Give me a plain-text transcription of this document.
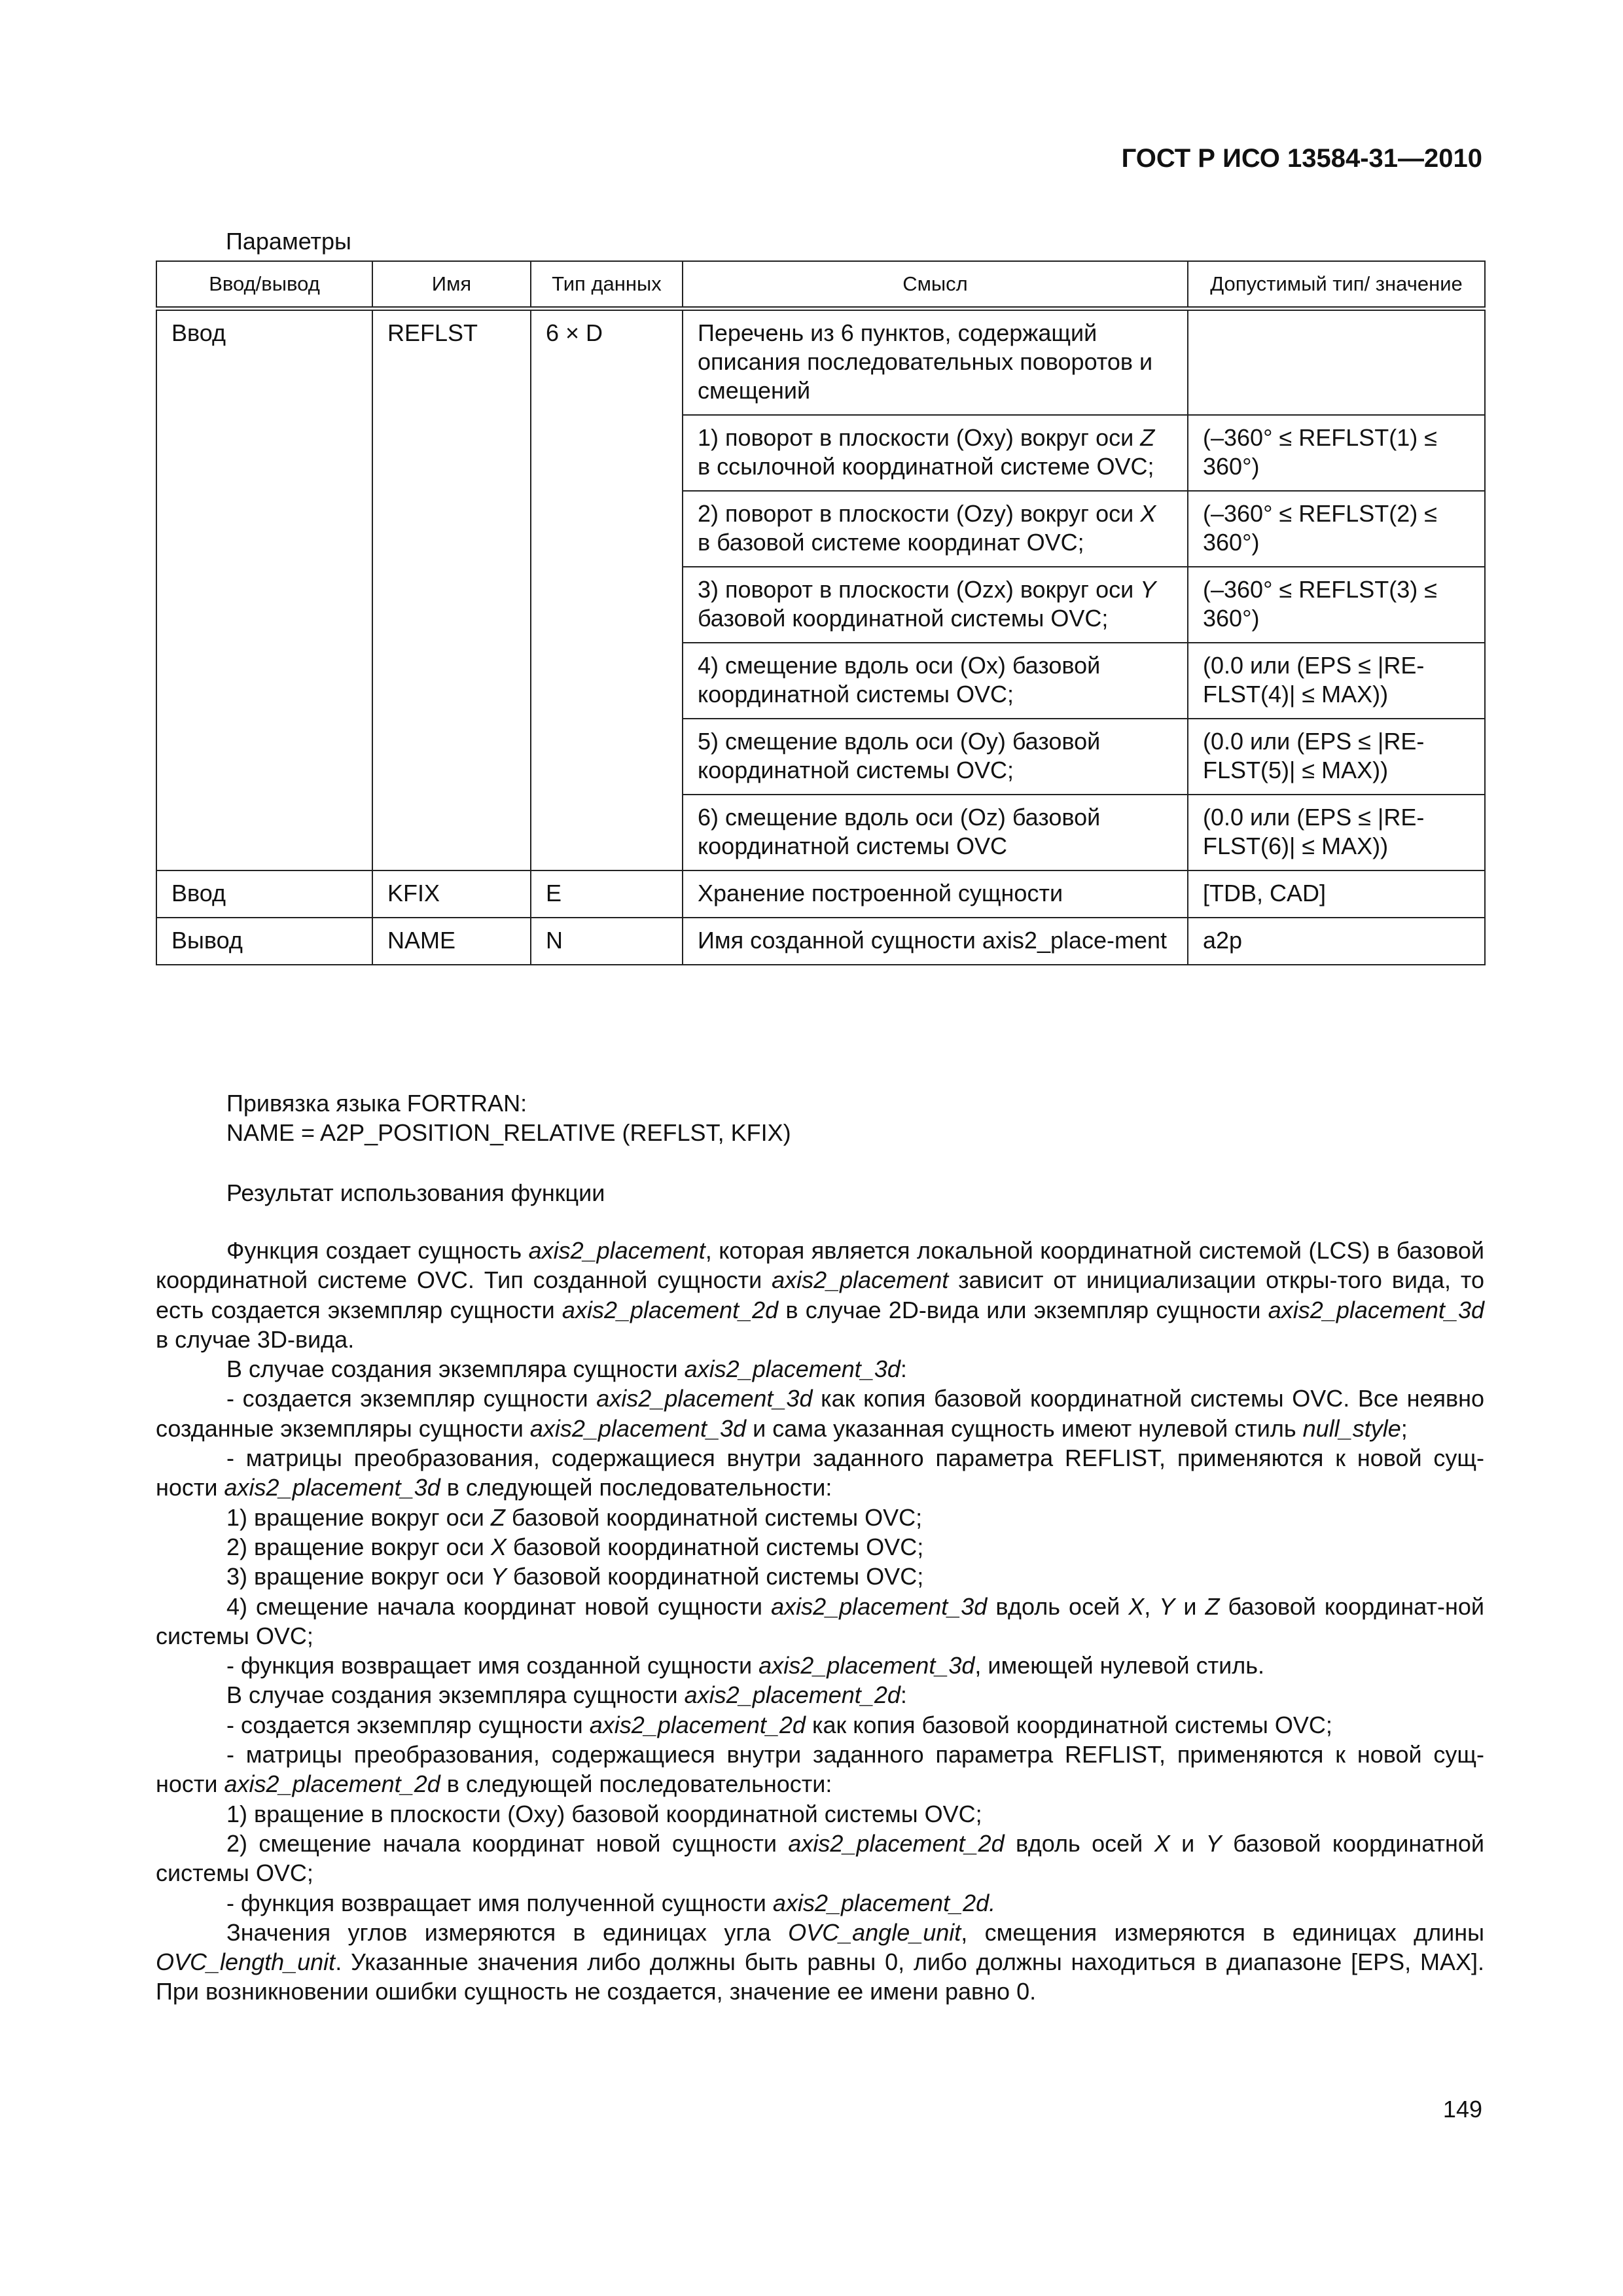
ГОСТ Р ИСО 13584-31—2010
Параметры
Ввод/вывод	Имя	Тип данных	Смысл	Допустимый тип/ значение
Ввод	REFLST	6 × D	Перечень из 6 пунктов, содержащий описания последовательных поворотов и смещений	
			1) поворот в плоскости (Oxy) вокруг оси Z в ссылочной координатной системе OVC;	(–360° ≤ REFLST(1) ≤ 360°)
			2) поворот в плоскости (Ozy) вокруг оси X в базовой системе координат OVC;	(–360° ≤ REFLST(2) ≤ 360°)
			3) поворот в плоскости (Ozx) вокруг оси Y базовой координатной системы OVC;	(–360° ≤ REFLST(3) ≤ 360°)
			4) смещение вдоль оси (Ox) базовой координатной системы OVC;	(0.0 или (EPS ≤ |RE-FLST(4)| ≤ MAX))
			5) смещение вдоль оси (Oy) базовой координатной системы OVC;	(0.0 или (EPS ≤ |RE-FLST(5)| ≤ MAX))
			6) смещение вдоль оси (Oz) базовой координатной системы OVC	(0.0 или (EPS ≤ |RE-FLST(6)| ≤ MAX))
Ввод	KFIX	E	Хранение построенной сущности	[TDB, CAD]
Вывод	NAME	N	Имя созданной сущности axis2_place-ment	a2p

Привязка языка FORTRAN:

NAME = A2P_POSITION_RELATIVE (REFLST, KFIX)

Результат использования функции

Функция создает сущность axis2_placement, которая является локальной координатной системой (LCS) в базовой координатной системе OVC. Тип созданной сущности axis2_placement зависит от инициализации откры-того вида, то есть создается экземпляр сущности axis2_placement_2d в случае 2D-вида или экземпляр сущности axis2_placement_3d в случае 3D-вида.

В случае создания экземпляра сущности axis2_placement_3d:

- создается экземпляр сущности axis2_placement_3d как копия базовой координатной системы OVC. Все неявно созданные экземпляры сущности axis2_placement_3d и сама указанная сущность имеют нулевой стиль null_style;

- матрицы преобразования, содержащиеся внутри заданного параметра REFLIST, применяются к новой сущ-ности axis2_placement_3d в следующей последовательности:

1) вращение вокруг оси Z базовой координатной системы OVC;

2) вращение вокруг оси X базовой координатной системы OVC;

3) вращение вокруг оси Y базовой координатной системы OVC;

4) смещение начала координат новой сущности axis2_placement_3d вдоль осей X, Y и Z базовой координат-ной системы OVC;

- функция возвращает имя созданной сущности axis2_placement_3d, имеющей нулевой стиль.

В случае создания экземпляра сущности axis2_placement_2d:

- создается экземпляр сущности axis2_placement_2d как копия базовой координатной системы OVC;

- матрицы преобразования, содержащиеся внутри заданного параметра REFLIST, применяются к новой сущ-ности axis2_placement_2d в следующей последовательности:

1) вращение в плоскости (Oxy) базовой координатной системы OVC;

2) смещение начала координат новой сущности axis2_placement_2d вдоль осей X и Y базовой координатной системы OVC;

- функция возвращает имя полученной сущности axis2_placement_2d.

Значения углов измеряются в единицах угла OVC_angle_unit, смещения измеряются в единицах длины OVC_length_unit. Указанные значения либо должны быть равны 0, либо должны находиться в диапазоне [EPS, MAX]. При возникновении ошибки сущность не создается, значение ее имени равно 0.

149
